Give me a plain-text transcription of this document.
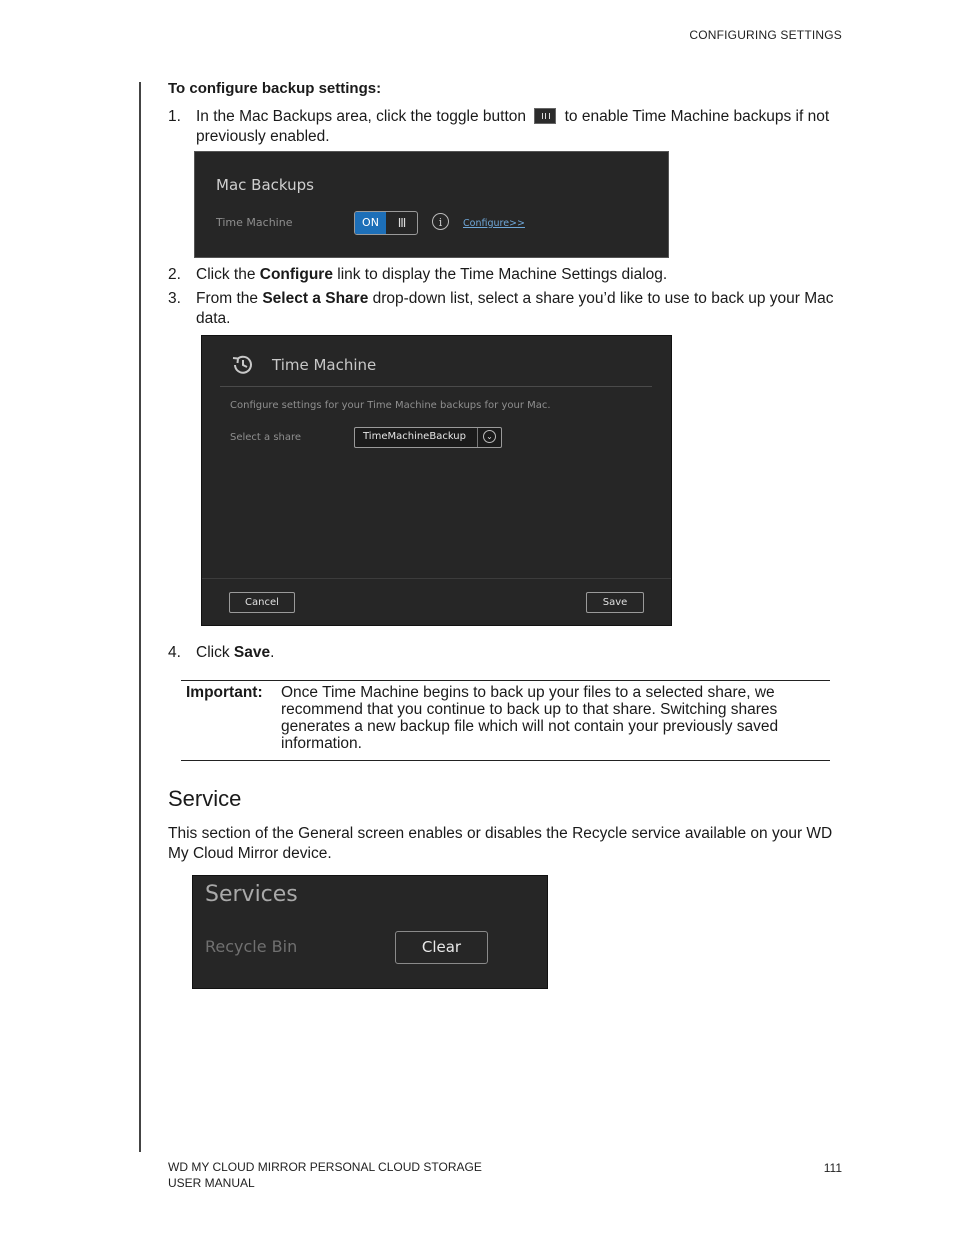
CONFIGURING SETTINGS
To configure backup settings:
1. In the Mac Backups area, click the toggle button to enable Time Machine backups if not previously enabled.
Mac Backups
Time Machine	ON	III	i	Configure>>
2. Click the Configure link to display the Time Machine Settings dialog.
3. From the Select a Share drop-down list, select a share you’d like to use to back up your Mac data.
Time Machine
Configure settings for your Time Machine backups for your Mac.
Select a share	TimeMachineBackup	⌄
Cancel	Save
4. Click Save.
Important: Once Time Machine begins to back up your files to a selected share, we recommend that you continue to back up to that share. Switching shares generates a new backup file which will not contain your previously saved information.
Service
This section of the General screen enables or disables the Recycle service available on your WD My Cloud Mirror device.
Services
Recycle Bin	Clear
WD MY CLOUD MIRROR PERSONAL CLOUD STORAGE
USER MANUAL
111
